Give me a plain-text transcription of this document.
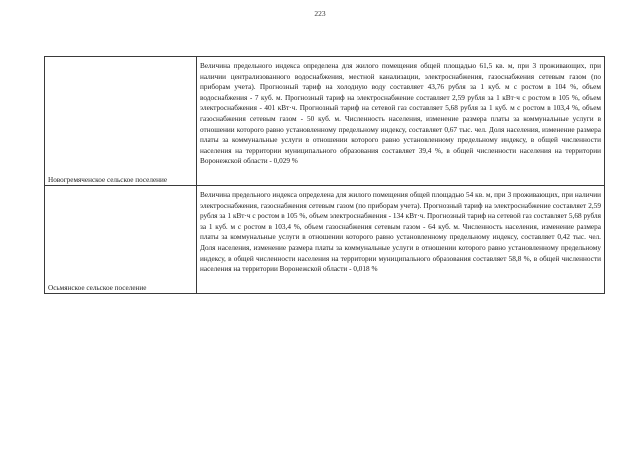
223
Новогремяченское сельское поселение	Величина предельного индекса определена для жилого помещения общей площадью 61,5 кв. м, при 3 проживающих, при наличии централизованного водоснабжения, местной канализации, электроснабжения, газоснабжения сетевым газом (по приборам учета). Прогнозный тариф на холодную воду составляет 43,76 рубля за 1 куб. м с ростом в 104 %, объем водоснабжения - 7 куб. м. Прогнозный тариф на электроснабжение составляет 2,59 рубля за 1 кВт·ч с ростом в 105 %, объем электроснабжения - 401 кВт·ч. Прогнозный тариф на сетевой газ составляет 5,68 рубля за 1 куб. м с ростом в 103,4 %, объем газоснабжения сетевым газом - 50 куб. м. Численность населения, изменение размера платы за коммунальные услуги в отношении которого равно установленному предельному индексу, составляет 0,67 тыс. чел. Доля населения, изменение размера платы за коммунальные услуги в отношении которого равно установленному предельному индексу, в общей численности населения на территории муниципального образования составляет 39,4 %, в общей численности населения на территории Воронежской области - 0,029 %

Осьмянское сельское поселение	Величина предельного индекса определена для жилого помещения общей площадью 54 кв. м, при 3 проживающих, при наличии электроснабжения, газоснабжения сетевым газом (по приборам учета). Прогнозный тариф на электроснабжение составляет 2,59 рубля за 1 кВт·ч с ростом в 105 %, объем электроснабжения - 134 кВт·ч. Прогнозный тариф на сетевой газ составляет 5,68 рубля за 1 куб. м с ростом в 103,4 %, объем газоснабжения сетевым газом - 64 куб. м. Численность населения, изменение размера платы за коммунальные услуги в отношении которого равно установленному предельному индексу, составляет 0,42 тыс. чел. Доля населения, изменение размера платы за коммунальные услуги в отношении которого равно установленному предельному индексу, в общей численности населения на территории муниципального образования составляет 58,8 %, в общей численности населения на территории Воронежской области - 0,018 %
